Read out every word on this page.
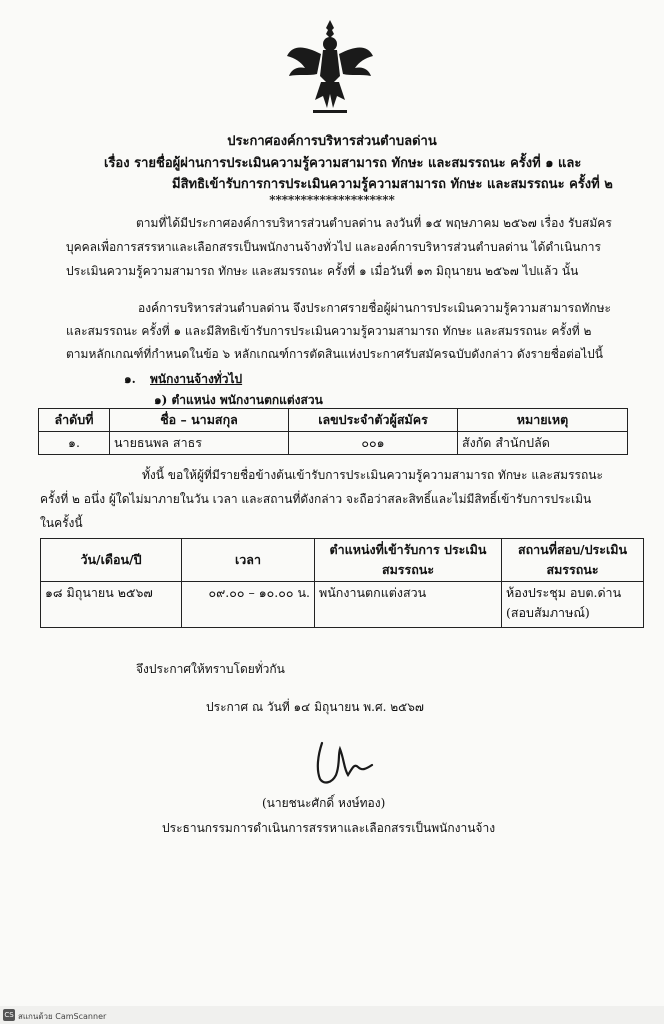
ประกาศองค์การบริหารส่วนตำบลด่าน
เรื่อง รายชื่อผู้ผ่านการประเมินความรู้ความสามารถ ทักษะ และสมรรถนะ ครั้งที่ ๑ และ
มีสิทธิเข้ารับการการประเมินความรู้ความสามารถ ทักษะ และสมรรถนะ ครั้งที่ ๒
********************
ตามที่ได้มีประกาศองค์การบริหารส่วนตำบลด่าน ลงวันที่ ๑๕ พฤษภาคม ๒๕๖๗ เรื่อง รับสมัคร
บุคคลเพื่อการสรรหาและเลือกสรรเป็นพนักงานจ้างทั่วไป และองค์การบริหารส่วนตำบลด่าน ได้ดำเนินการ
ประเมินความรู้ความสามารถ ทักษะ และสมรรถนะ ครั้งที่ ๑ เมื่อวันที่ ๑๓ มิถุนายน ๒๕๖๗ ไปแล้ว นั้น
องค์การบริหารส่วนตำบลด่าน จึงประกาศรายชื่อผู้ผ่านการประเมินความรู้ความสามารถทักษะ
และสมรรถนะ ครั้งที่ ๑ และมีสิทธิเข้ารับการประเมินความรู้ความสามารถ ทักษะ และสมรรถนะ ครั้งที่ ๒
ตามหลักเกณฑ์ที่กำหนดในข้อ ๖ หลักเกณฑ์การตัดสินแห่งประกาศรับสมัครฉบับดังกล่าว ดังรายชื่อต่อไปนี้
๑. พนักงานจ้างทั่วไป
๑) ตำแหน่ง พนักงานตกแต่งสวน
ลำดับที่	ชื่อ – นามสกุล	เลขประจำตัวผู้สมัคร	หมายเหตุ
๑.	นายธนพล สาธร	๐๐๑	สังกัด สำนักปลัด
ทั้งนี้ ขอให้ผู้ที่มีรายชื่อข้างต้นเข้ารับการประเมินความรู้ความสามารถ ทักษะ และสมรรถนะ
ครั้งที่ ๒ อนึ่ง ผู้ใดไม่มาภายในวัน เวลา และสถานที่ดังกล่าว จะถือว่าสละสิทธิ์และไม่มีสิทธิ์เข้ารับการประเมิน
ในครั้งนี้
วัน/เดือน/ปี	เวลา	ตำแหน่งที่เข้ารับการ ประเมินสมรรถนะ	สถานที่สอบ/ประเมิน สมรรถนะ
๑๘ มิถุนายน ๒๕๖๗	๐๙.๐๐ – ๑๐.๐๐ น.	พนักงานตกแต่งสวน	ห้องประชุม อบต.ด่าน
(สอบสัมภาษณ์)
จึงประกาศให้ทราบโดยทั่วกัน
ประกาศ ณ วันที่ ๑๔ มิถุนายน พ.ศ. ๒๕๖๗
(นายชนะศักดิ์ หงษ์ทอง)
ประธานกรรมการดำเนินการสรรหาและเลือกสรรเป็นพนักงานจ้าง
CS สแกนด้วย CamScanner
